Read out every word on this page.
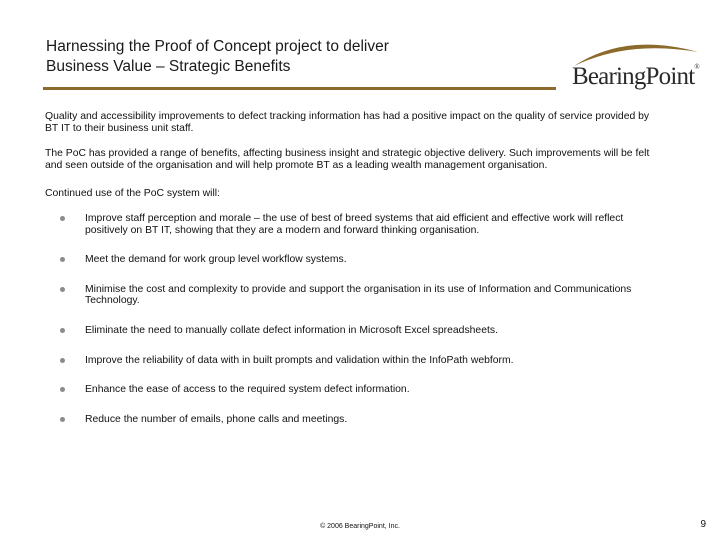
Harnessing the Proof of Concept project to deliver
Business Value – Strategic Benefits	BearingPoint®

Quality and accessibility improvements to defect tracking information has had a positive impact on the quality of service provided by BT IT to their business unit staff.

The PoC has provided a range of benefits, affecting business insight and strategic objective delivery. Such improvements will be felt and seen outside of the organisation and will help promote BT as a leading wealth management organisation.

Continued use of the PoC system will:

Improve staff perception and morale – the use of best of breed systems that aid efficient and effective work will reflect positively on BT IT, showing that they are a modern and forward thinking organisation.
Meet the demand for work group level workflow systems.
Minimise the cost and complexity to provide and support the organisation in its use of Information and Communications Technology.
Eliminate the need to manually collate defect information in Microsoft Excel spreadsheets.
Improve the reliability of data with in built prompts and validation within the InfoPath webform.
Enhance the ease of access to the required system defect information.
Reduce the number of emails, phone calls and meetings.
© 2006 BearingPoint, Inc.	9
